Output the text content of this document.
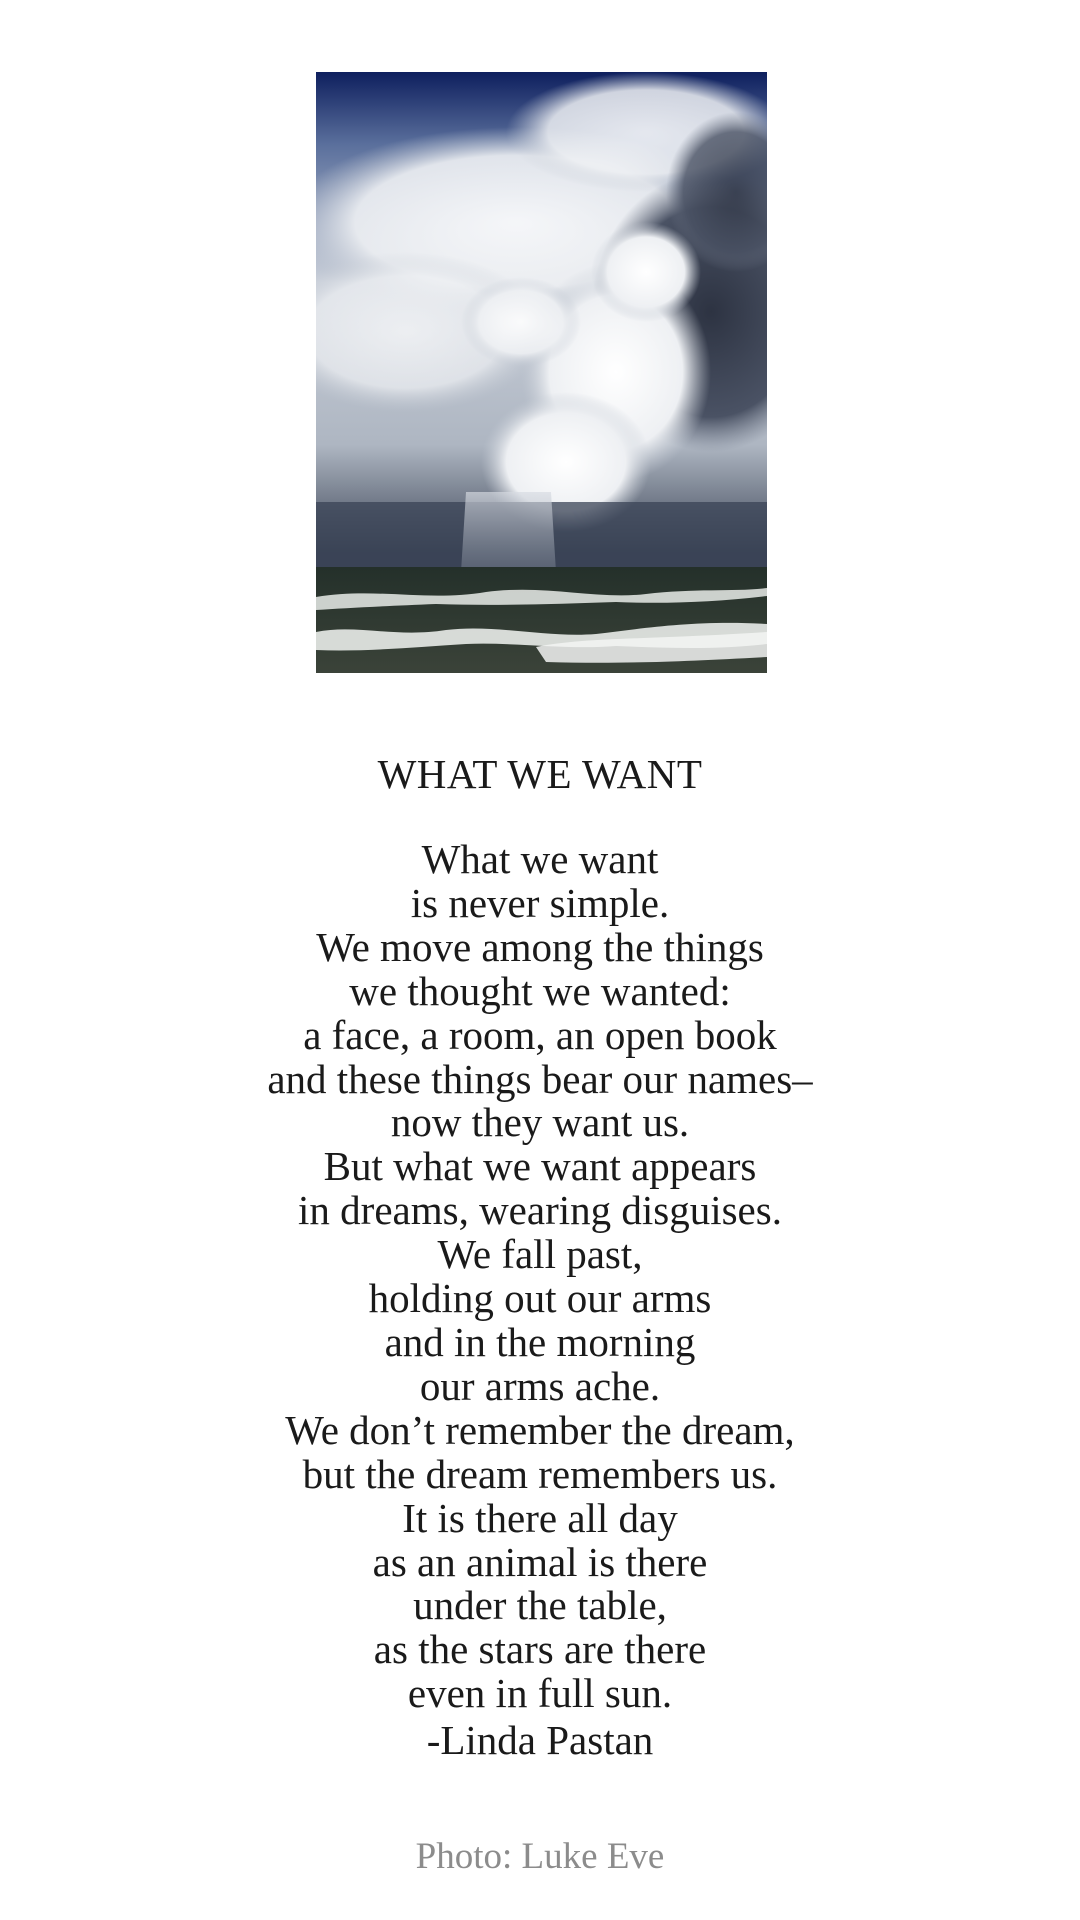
WHAT WE WANT
What we want
is never simple.
We move among the things
we thought we wanted:
a face, a room, an open book
and these things bear our names–
now they want us.
But what we want appears
in dreams, wearing disguises.
We fall past,
holding out our arms
and in the morning
our arms ache.
We don’t remember the dream,
but the dream remembers us.
It is there all day
as an animal is there
under the table,
as the stars are there
even in full sun.
-Linda Pastan
Photo: Luke Eve
